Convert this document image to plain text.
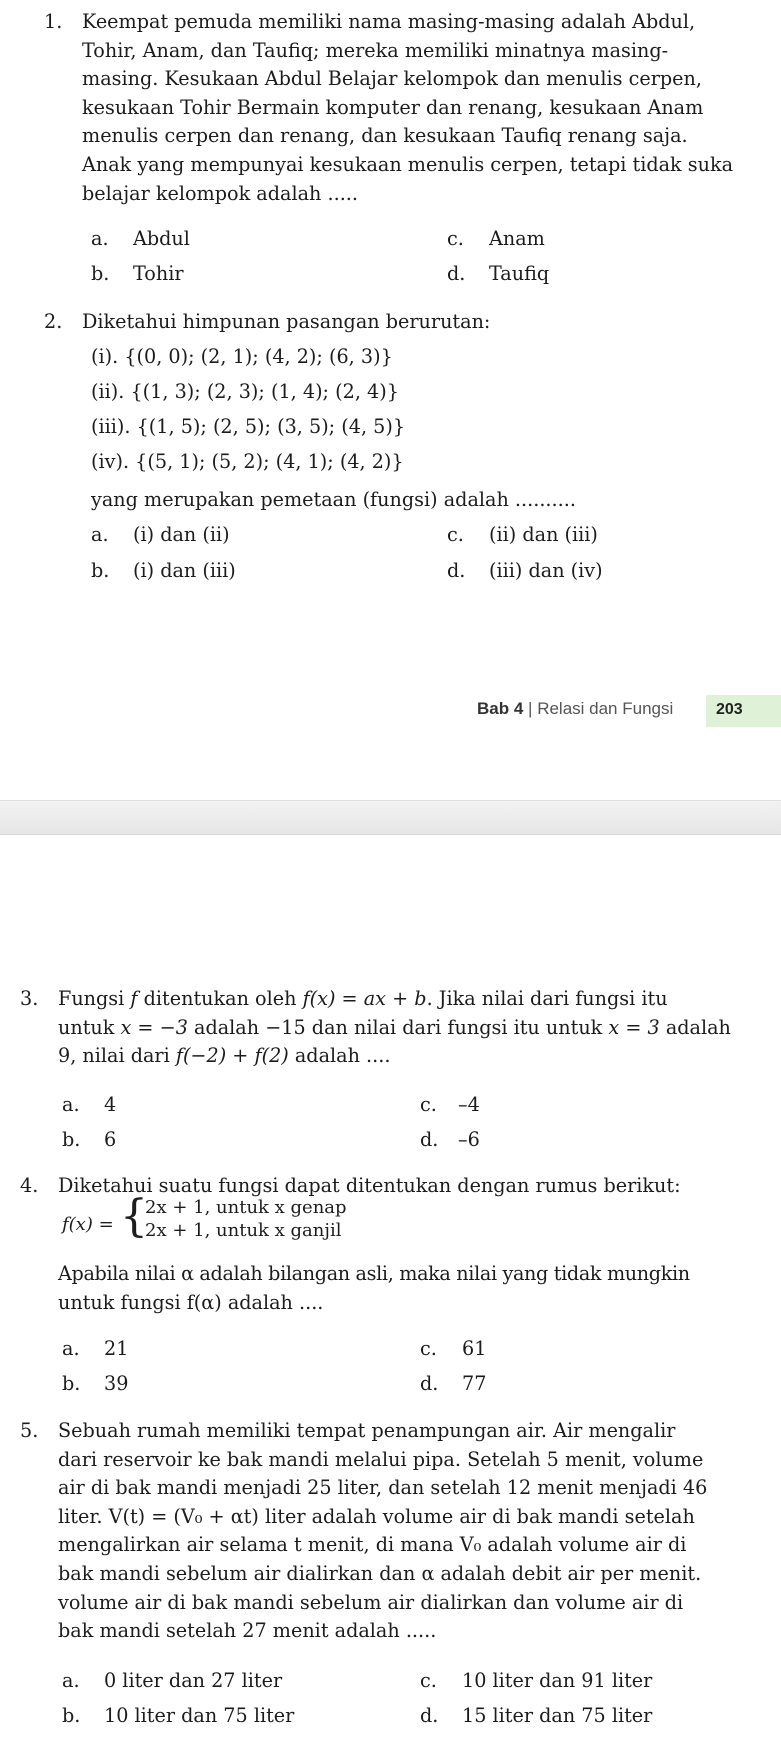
1. Keempat pemuda memiliki nama masing-masing adalah Abdul,

Tohir, Anam, dan Taufiq; mereka memiliki minatnya masing-

masing. Kesukaan Abdul Belajar kelompok dan menulis cerpen,

kesukaan Tohir Bermain komputer dan renang, kesukaan Anam

menulis cerpen dan renang, dan kesukaan Taufiq renang saja.

Anak yang mempunyai kesukaan menulis cerpen, tetapi tidak suka

belajar kelompok adalah .....

a. Abdul	c. Anam
b. Tohir	d. Taufiq
2. Diketahui himpunan pasangan berurutan:

(i). {(0, 0); (2, 1); (4, 2); (6, 3)}
(ii). {(1, 3); (2, 3); (1, 4); (2, 4)}
(iii). {(1, 5); (2, 5); (3, 5); (4, 5)}
(iv). {(5, 1); (5, 2); (4, 1); (4, 2)}
yang merupakan pemetaan (fungsi) adalah ..........
a. (i) dan (ii)	c. (ii) dan (iii)
b. (i) dan (iii)	d. (iii) dan (iv)
Bab 4 | Relasi dan Fungsi	203
3. Fungsi f ditentukan oleh f(x) = ax + b. Jika nilai dari fungsi itu

untuk x = −3 adalah −15 dan nilai dari fungsi itu untuk x = 3 adalah

9, nilai dari f(−2) + f(2) adalah ....

a. 4	c. –4
b. 6	d. –6
4. Diketahui suatu fungsi dapat ditentukan dengan rumus berikut:

f(x) = {
2x + 1, untuk x genap
2x + 1, untuk x ganjil

Apabila nilai α adalah bilangan asli, maka nilai yang tidak mungkin

untuk fungsi f(α) adalah ....

a. 21	c. 61
b. 39	d. 77
5. Sebuah rumah memiliki tempat penampungan air. Air mengalir

dari reservoir ke bak mandi melalui pipa. Setelah 5 menit, volume

air di bak mandi menjadi 25 liter, dan setelah 12 menit menjadi 46

liter. V(t) = (V₀ + αt) liter adalah volume air di bak mandi setelah

mengalirkan air selama t menit, di mana V₀ adalah volume air di

bak mandi sebelum air dialirkan dan α adalah debit air per menit.

volume air di bak mandi sebelum air dialirkan dan volume air di

bak mandi setelah 27 menit adalah .....

a. 0 liter dan 27 liter	c. 10 liter dan 91 liter
b. 10 liter dan 75 liter	d. 15 liter dan 75 liter
